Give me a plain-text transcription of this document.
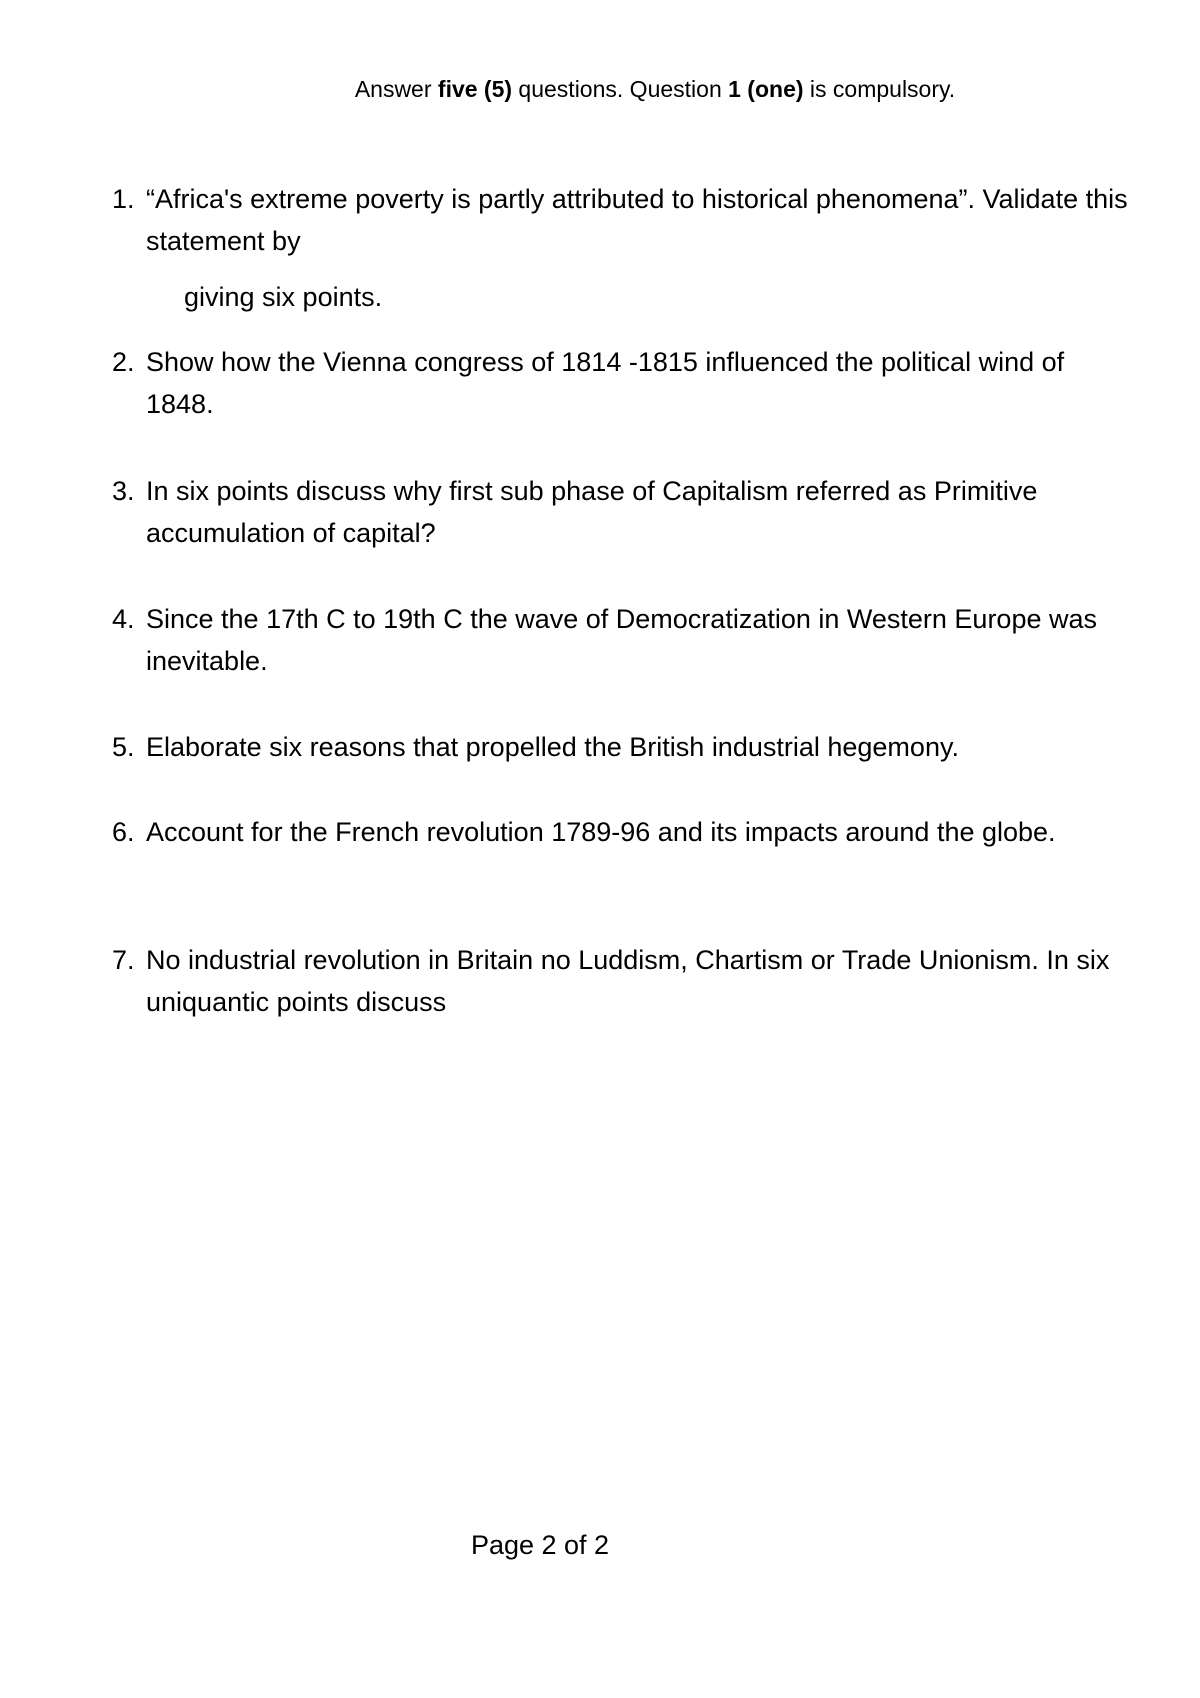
Answer five (5) questions. Question 1 (one) is compulsory.
1. “Africa's extreme poverty is partly attributed to historical phenomena”. Validate this statement by
giving six points.
2. Show how the Vienna congress of 1814 -1815 influenced the political wind of 1848.
3. In six points discuss why first sub phase of Capitalism referred as Primitive accumulation of capital?
4. Since the 17th C to 19th C the wave of Democratization in Western Europe was inevitable.
5. Elaborate six reasons that propelled the British industrial hegemony.
6. Account for the French revolution 1789-96 and its impacts around the globe.
7. No industrial revolution in Britain no Luddism, Chartism or Trade Unionism. In six uniquantic points discuss
Page 2 of 2
